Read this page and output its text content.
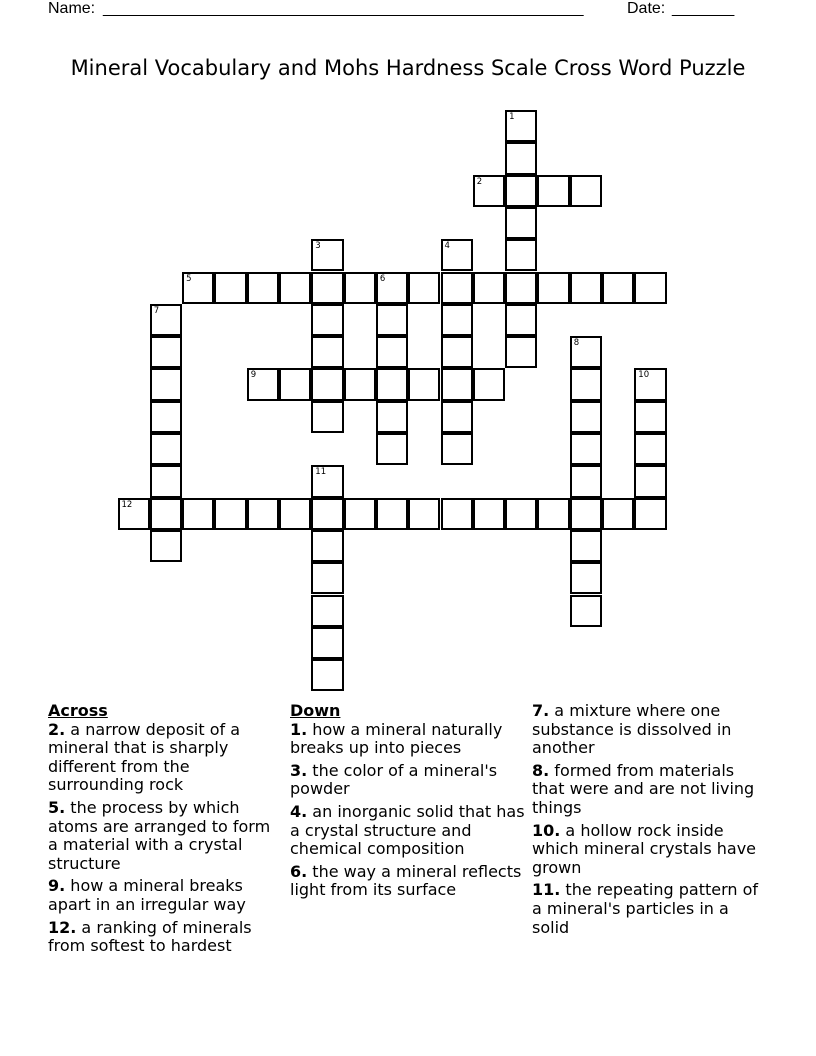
Name: ______________________________________________________	Date: _______
Mineral Vocabulary and Mohs Hardness Scale Cross Word Puzzle
1
2
3	4
5	6
7
8
9	10
11
12
Across
2. a narrow deposit of a mineral that is sharply different from the surrounding rock
5. the process by which atoms are arranged to form a material with a crystal structure
9. how a mineral breaks apart in an irregular way
12. a ranking of minerals from softest to hardest
Down
1. how a mineral naturally breaks up into pieces
3. the color of a mineral's powder
4. an inorganic solid that has a crystal structure and chemical composition
6. the way a mineral reflects light from its surface
7. a mixture where one substance is dissolved in another
8. formed from materials that were and are not living things
10. a hollow rock inside which mineral crystals have grown
11. the repeating pattern of a mineral's particles in a solid
